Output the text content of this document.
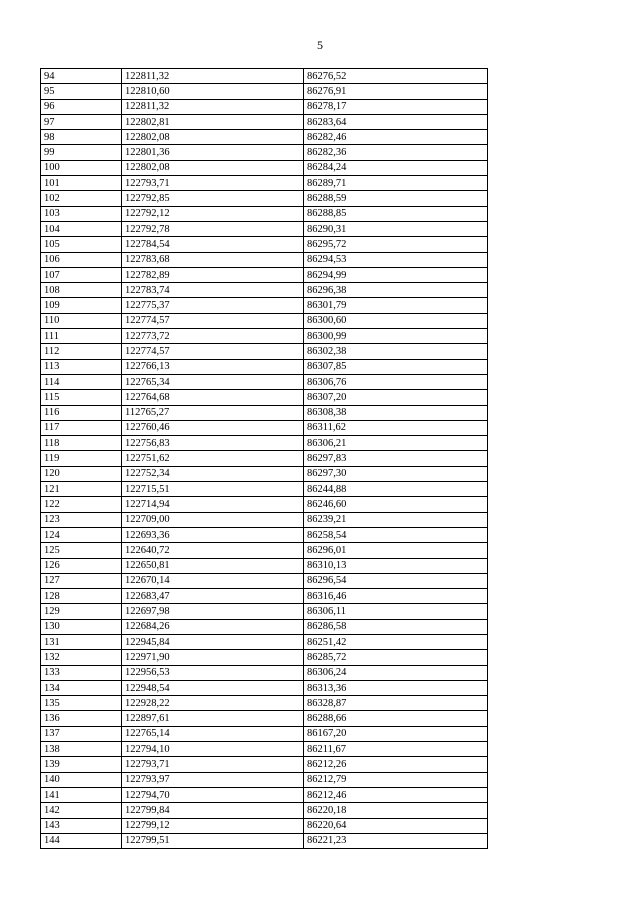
5
94	122811,32	86276,52
95	122810,60	86276,91
96	122811,32	86278,17
97	122802,81	86283,64
98	122802,08	86282,46
99	122801,36	86282,36
100	122802,08	86284,24
101	122793,71	86289,71
102	122792,85	86288,59
103	122792,12	86288,85
104	122792,78	86290,31
105	122784,54	86295,72
106	122783,68	86294,53
107	122782,89	86294,99
108	122783,74	86296,38
109	122775,37	86301,79
110	122774,57	86300,60
111	122773,72	86300,99
112	122774,57	86302,38
113	122766,13	86307,85
114	122765,34	86306,76
115	122764,68	86307,20
116	112765,27	86308,38
117	122760,46	86311,62
118	122756,83	86306,21
119	122751,62	86297,83
120	122752,34	86297,30
121	122715,51	86244,88
122	122714,94	86246,60
123	122709,00	86239,21
124	122693,36	86258,54
125	122640,72	86296,01
126	122650,81	86310,13
127	122670,14	86296,54
128	122683,47	86316,46
129	122697,98	86306,11
130	122684,26	86286,58
131	122945,84	86251,42
132	122971,90	86285,72
133	122956,53	86306,24
134	122948,54	86313,36
135	122928,22	86328,87
136	122897,61	86288,66
137	122765,14	86167,20
138	122794,10	86211,67
139	122793,71	86212,26
140	122793,97	86212,79
141	122794,70	86212,46
142	122799,84	86220,18
143	122799,12	86220,64
144	122799,51	86221,23
